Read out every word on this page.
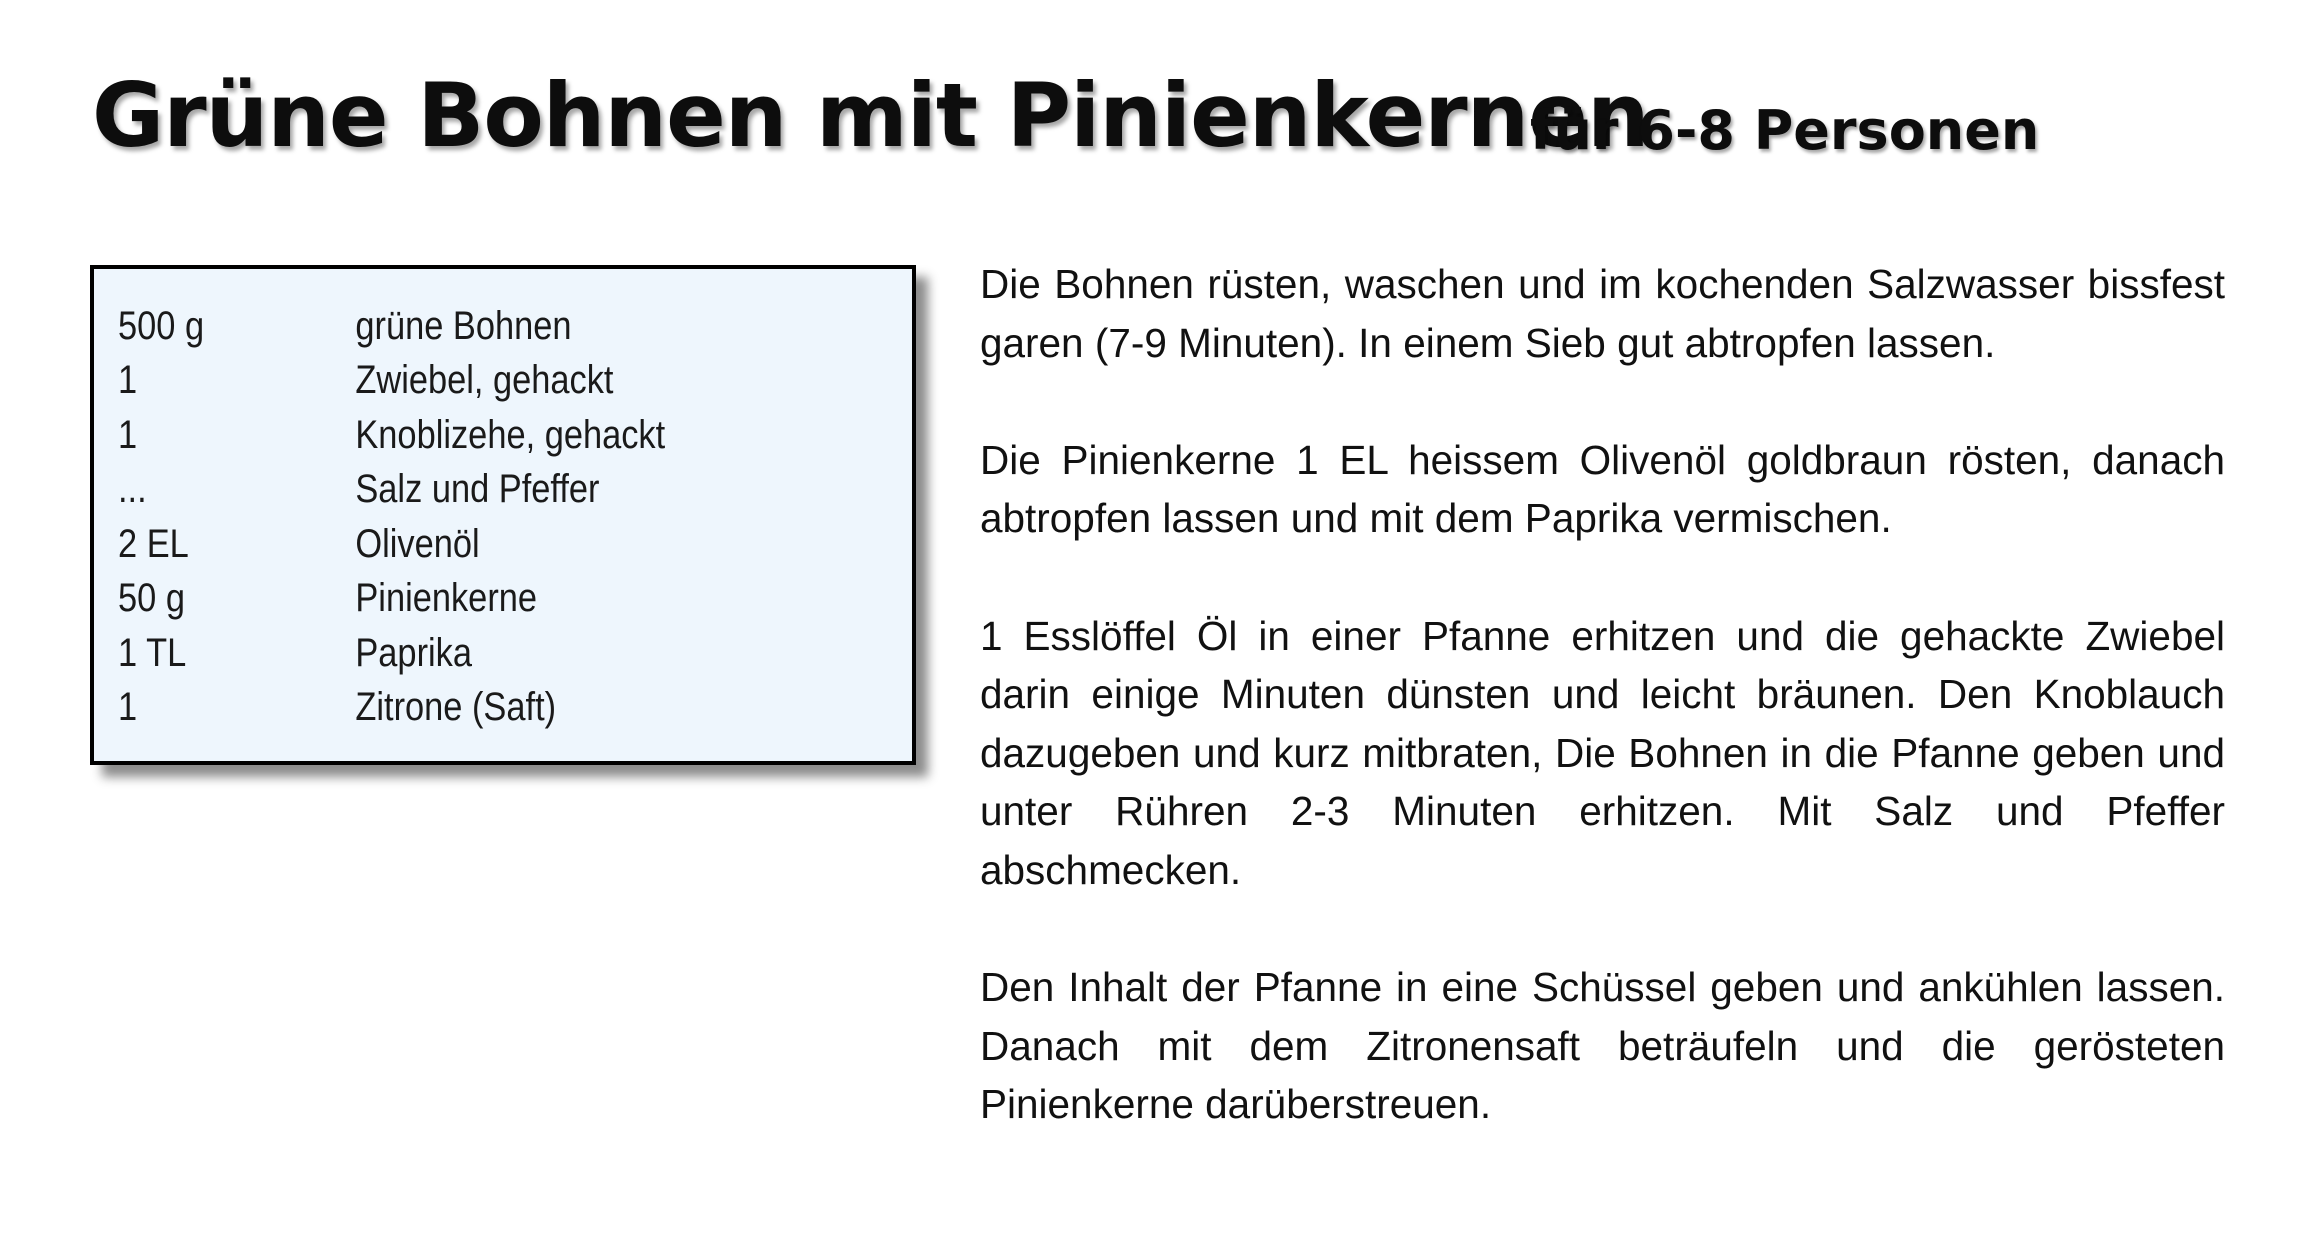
Grüne Bohnen mit Pinienkernen
für 6-8 Personen
500 g	grüne Bohnen
1	Zwiebel, gehackt
1	Knoblizehe, gehackt
...	Salz und Pfeffer
2 EL	Olivenöl
50 g	Pinienkerne
1 TL	Paprika
1	Zitrone (Saft)

Die Bohnen rüsten, waschen und im kochenden Salzwasser bissfest garen (7-9 Minuten). In einem Sieb gut abtropfen lassen.

Die Pinienkerne 1 EL heissem Olivenöl goldbraun rösten, danach abtropfen lassen und mit dem Paprika vermischen.

1 Esslöffel Öl in einer Pfanne erhitzen und die gehackte Zwiebel darin einige Minuten dünsten und leicht bräunen. Den Knoblauch dazugeben und kurz mitbraten, Die Bohnen in die Pfanne geben und unter Rühren 2-3 Minuten erhitzen. Mit Salz und Pfeffer abschmecken.

Den Inhalt der Pfanne in eine Schüssel geben und ankühlen lassen. Danach mit dem Zitronensaft beträufeln und die gerösteten Pinienkerne darüberstreuen.
